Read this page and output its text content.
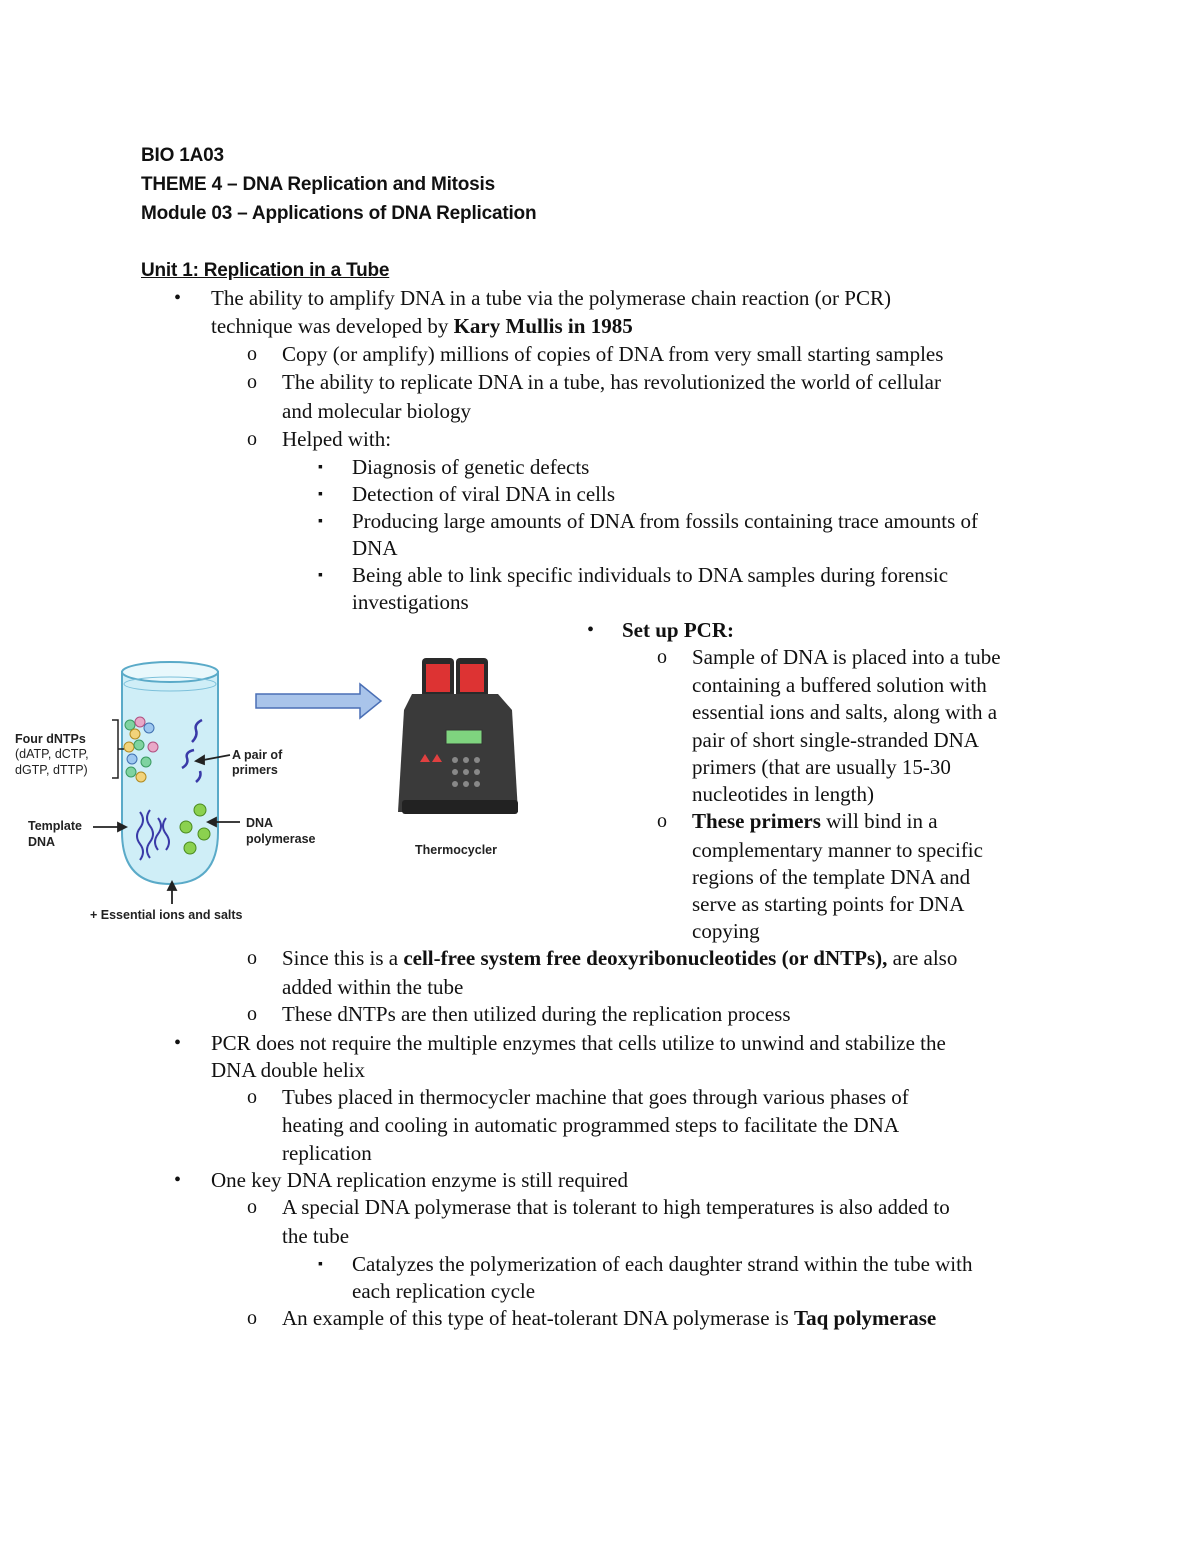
BIO 1A03
THEME 4 – DNA Replication and Mitosis
Module 03 – Applications of DNA Replication
Unit 1: Replication in a Tube
•
o
o
o
▪
▪
▪
▪
•
o
o
o
o
•
o
•
o
▪
o
The ability to amplify DNA in a tube via the polymerase chain reaction (or PCR)
technique was developed by Kary Mullis in 1985
Copy (or amplify) millions of copies of DNA from very small starting samples
The ability to replicate DNA in a tube, has revolutionized the world of cellular
and molecular biology
Helped with:
Diagnosis of genetic defects
Detection of viral DNA in cells
Producing large amounts of DNA from fossils containing trace amounts of
DNA
Being able to link specific individuals to DNA samples during forensic
investigations
Set up PCR:
Sample of DNA is placed into a tube
containing a buffered solution with
essential ions and salts, along with a
pair of short single-stranded DNA
primers (that are usually 15-30
nucleotides in length)
These primers will bind in a
complementary manner to specific
regions of the template DNA and
serve as starting points for DNA
copying
Since this is a cell-free system free deoxyribonucleotides (or dNTPs), are also
added within the tube
These dNTPs are then utilized during the replication process
PCR does not require the multiple enzymes that cells utilize to unwind and stabilize the
DNA double helix
Tubes placed in thermocycler machine that goes through various phases of
heating and cooling in automatic programmed steps to facilitate the DNA
replication
One key DNA replication enzyme is still required
A special DNA polymerase that is tolerant to high temperatures is also added to
the tube
Catalyzes the polymerization of each daughter strand within the tube with
each replication cycle
An example of this type of heat-tolerant DNA polymerase is Taq polymerase
Four dNTPs
(dATP, dCTP,
dGTP, dTTP)
Template
DNA
A pair of
primers
DNA
polymerase
+ Essential ions and salts
Thermocycler
